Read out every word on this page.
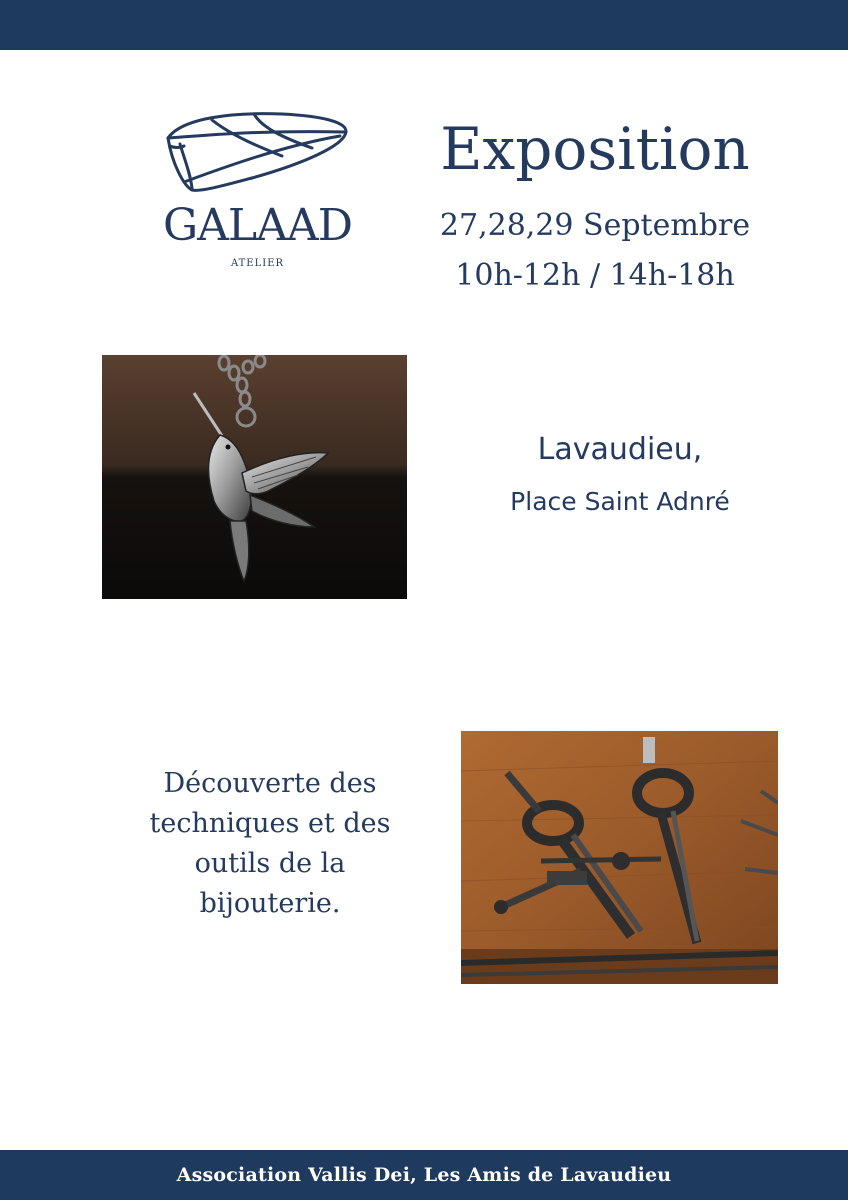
GALAAD
ATELIER
Exposition
27,28,29 Septembre
10h-12h / 14h-18h
Lavaudieu,
Place Saint Adnré
Découverte des techniques et des outils de la bijouterie.
Association Vallis Dei, Les Amis de Lavaudieu
